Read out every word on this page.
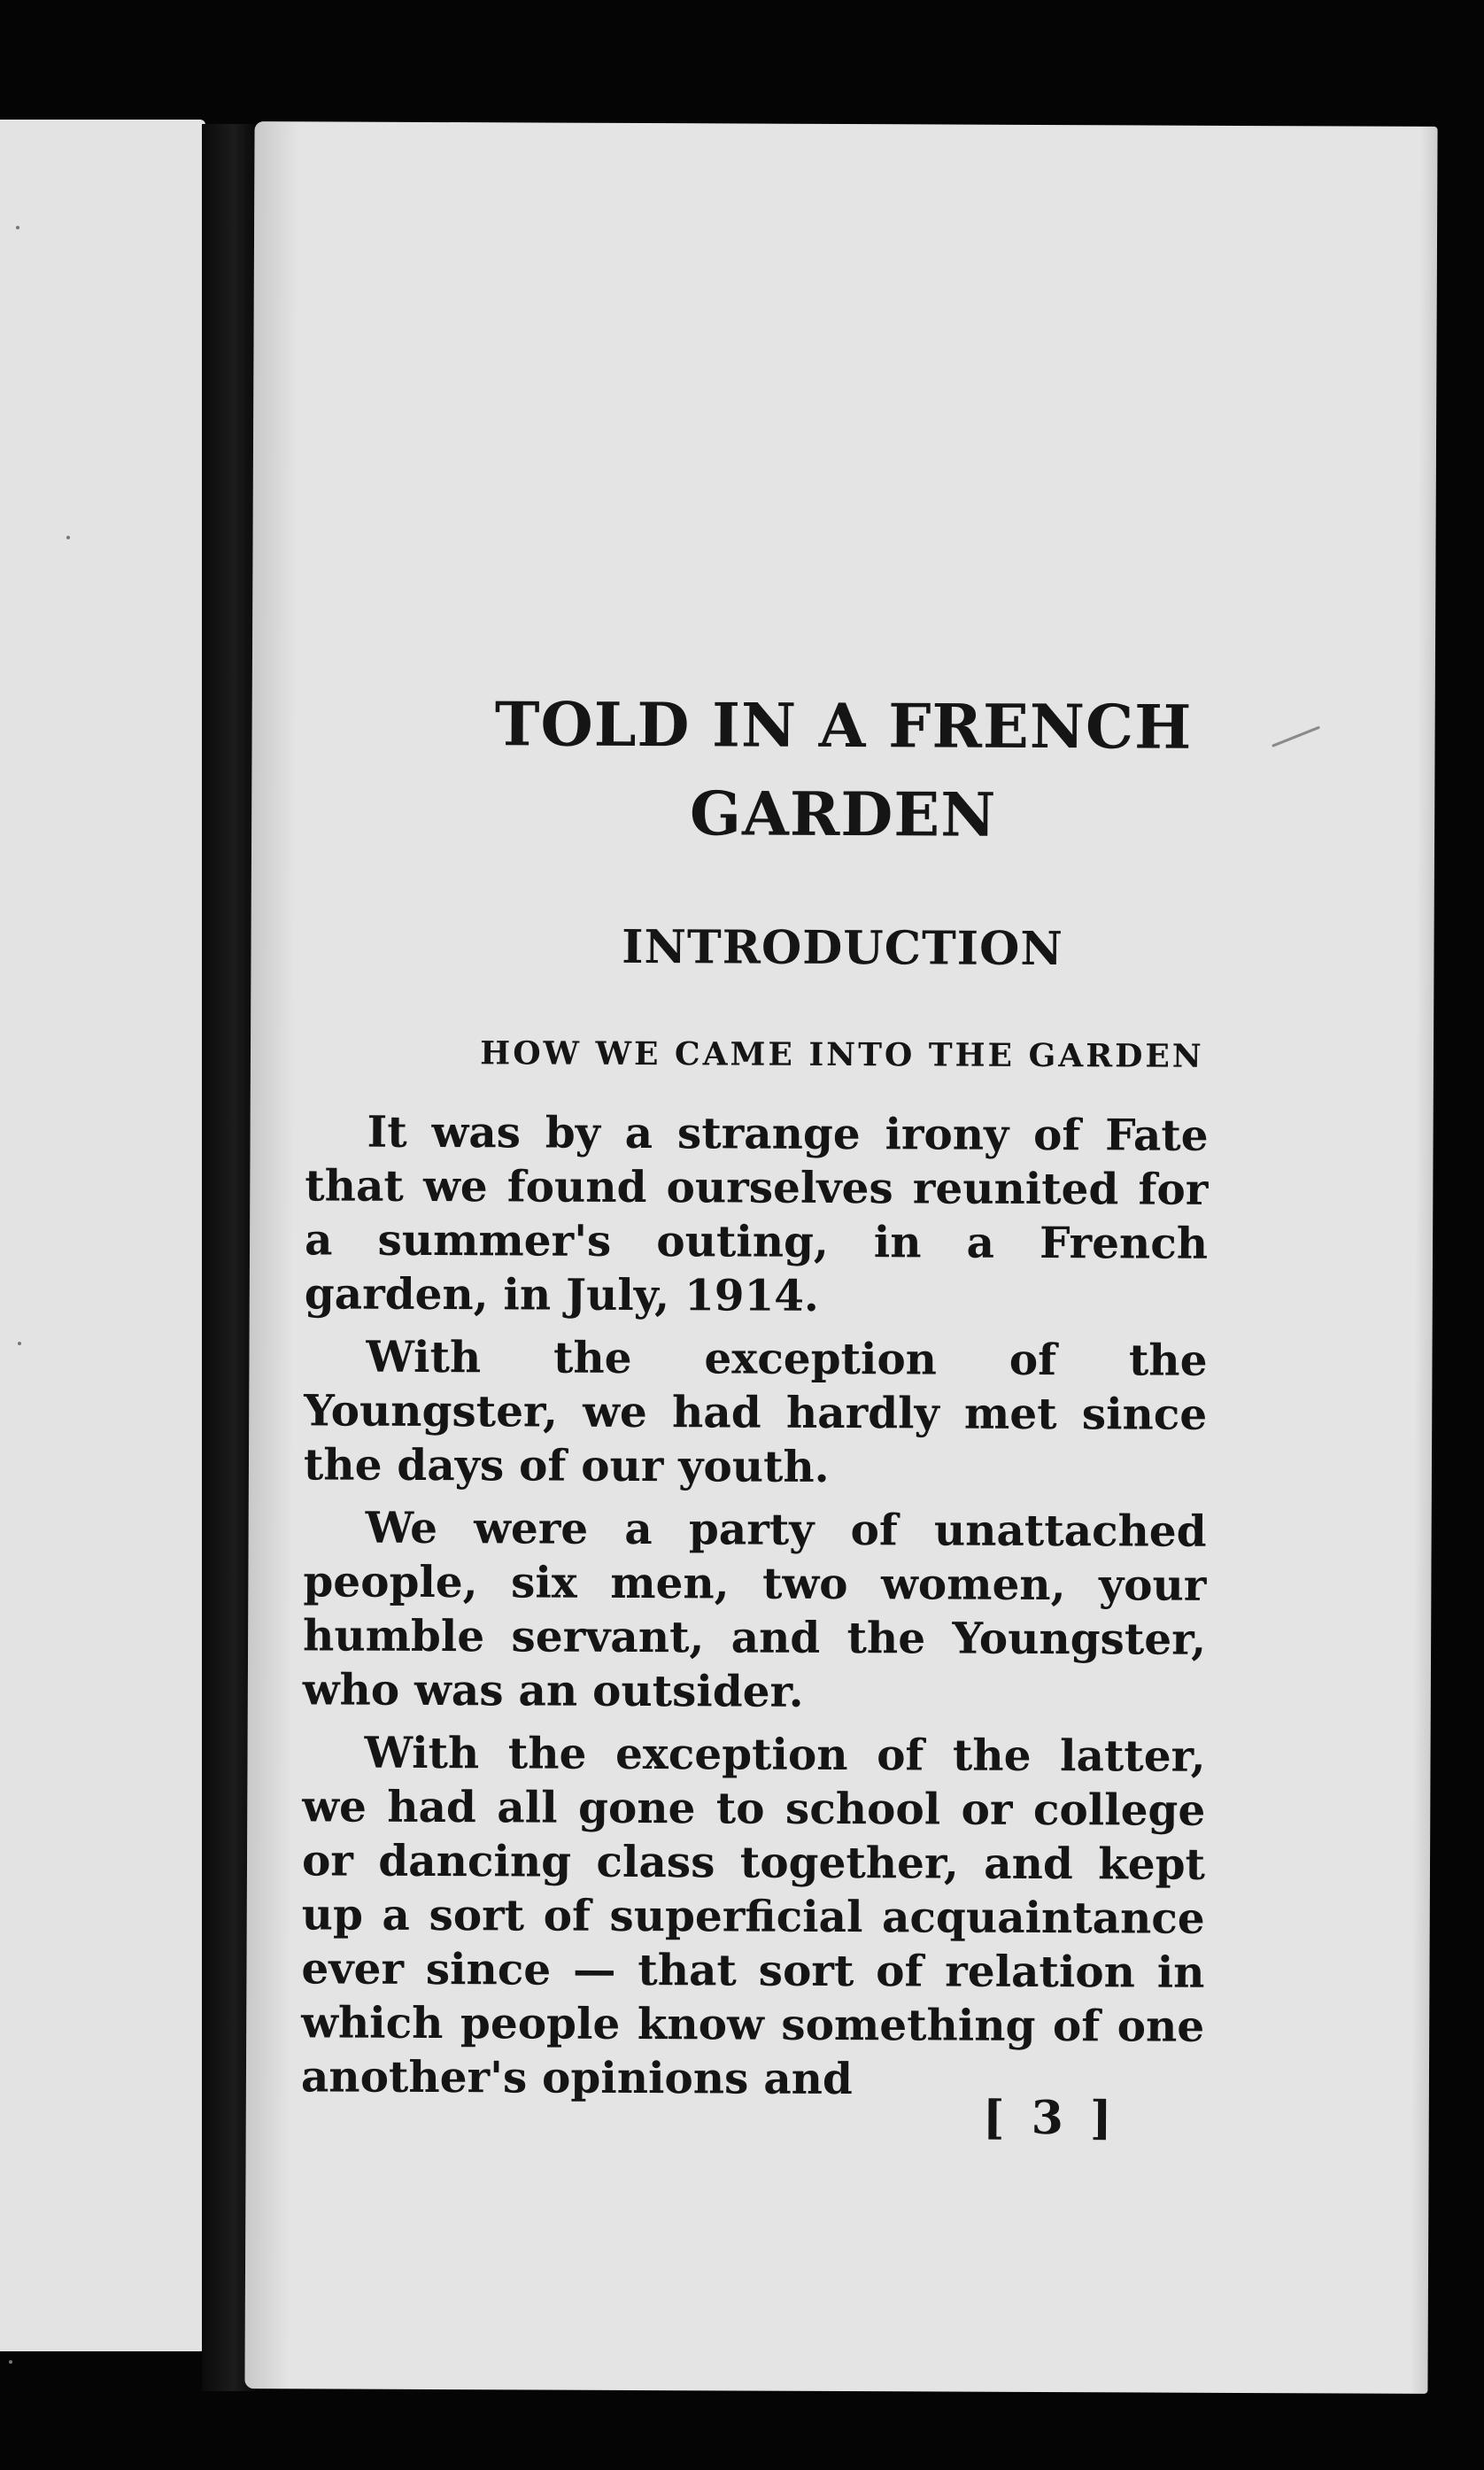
TOLD IN A FRENCH
GARDEN
INTRODUCTION
HOW WE CAME INTO THE GARDEN

It was by a strange irony of Fate that we found ourselves reunited for a summer's outing, in a French garden, in July, 1914.

With the exception of the Youngster, we had hardly met since the days of our youth.

We were a party of unattached people, six men, two women, your humble servant, and the Youngster, who was an outsider.

With the exception of the latter, we had all gone to school or college or dancing class together, and kept up a sort of superficial acquaintance ever since — that sort of relation in which people know something of one another's opinions and

[ 3 ]
